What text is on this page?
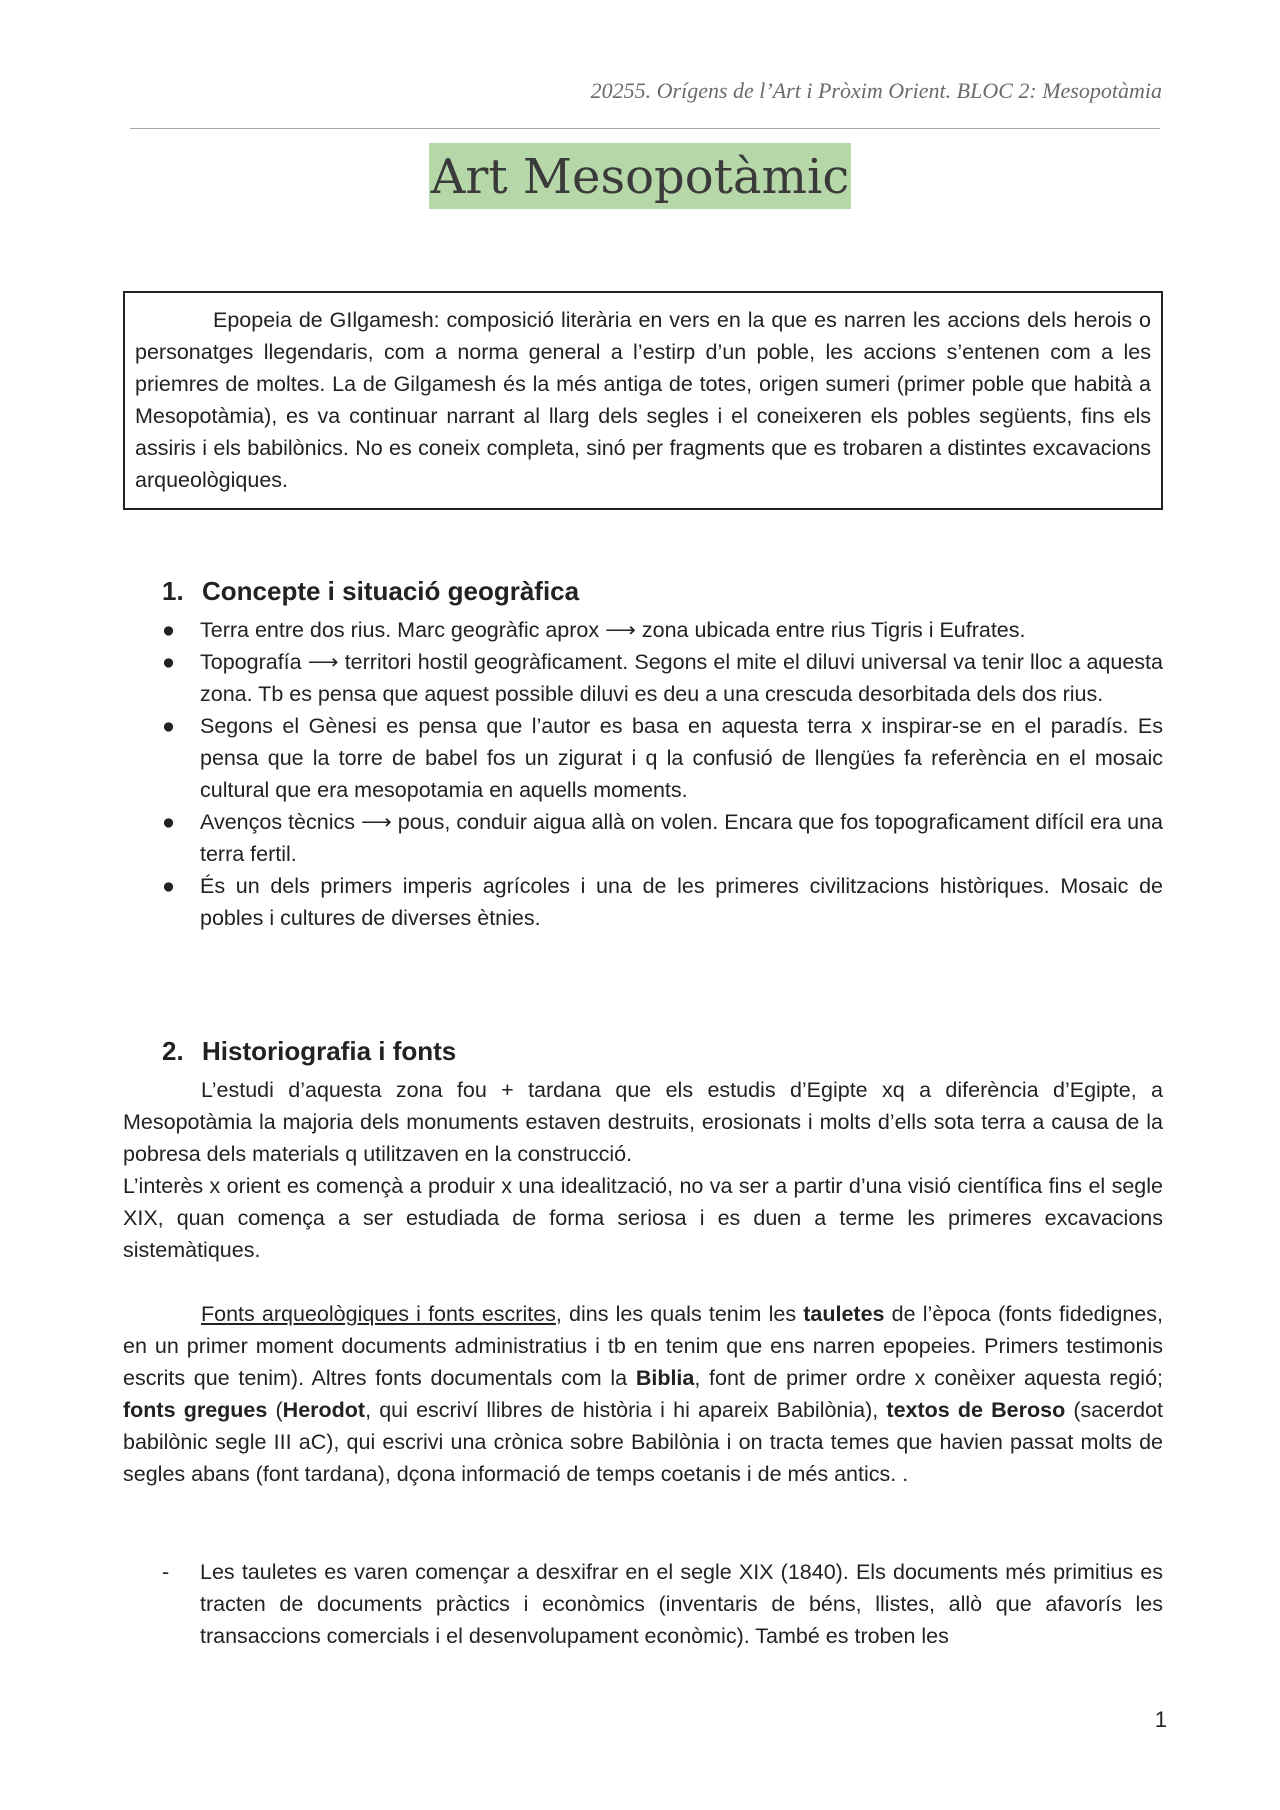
20255. Orígens de l’Art i Pròxim Orient. BLOC 2: Mesopotàmia
Art Mesopotàmic

Epopeia de GIlgamesh: composició literària en vers en la que es narren les accions dels herois o personatges llegendaris, com a norma general a l’estirp d’un poble, les accions s’entenen com a les priemres de moltes. La de Gilgamesh és la més antiga de totes, origen sumeri (primer poble que habità a Mesopotàmia), es va continuar narrant al llarg dels segles i el coneixeren els pobles següents, fins els assiris i els babilònics. No es coneix completa, sinó per fragments que es trobaren a distintes excavacions arqueològiques.

1. Concepte i situació geogràfica
● Terra entre dos rius. Marc geogràfic aprox ⟶ zona ubicada entre rius Tigris i Eufrates.
● Topografía ⟶ territori hostil geogràficament. Segons el mite el diluvi universal va tenir lloc a aquesta zona. Tb es pensa que aquest possible diluvi es deu a una crescuda desorbitada dels dos rius.
● Segons el Gènesi es pensa que l’autor es basa en aquesta terra x inspirar-se en el paradís. Es pensa que la torre de babel fos un zigurat i q la confusió de llengües fa referència en el mosaic cultural que era mesopotamia en aquells moments.
● Avenços tècnics ⟶ pous, conduir aigua allà on volen. Encara que fos topograficament difícil era una terra fertil.
● És un dels primers imperis agrícoles i una de les primeres civilitzacions històriques. Mosaic de pobles i cultures de diverses ètnies.
2. Historiografia i fonts

L’estudi d’aquesta zona fou + tardana que els estudis d’Egipte xq a diferència d’Egipte, a Mesopotàmia la majoria dels monuments estaven destruits, erosionats i molts d’ells sota terra a causa de la pobresa dels materials q utilitzaven en la construcció.

L’interès x orient es començà a produir x una idealització, no va ser a partir d’una visió científica fins el segle XIX, quan comença a ser estudiada de forma seriosa i es duen a terme les primeres excavacions sistemàtiques.

Fonts arqueològiques i fonts escrites, dins les quals tenim les tauletes de l’època (fonts fidedignes, en un primer moment documents administratius i tb en tenim que ens narren epopeies. Primers testimonis escrits que tenim). Altres fonts documentals com la Biblia, font de primer ordre x conèixer aquesta regió; fonts gregues (Herodot, qui escriví llibres de història i hi apareix Babilònia), textos de Beroso (sacerdot babilònic segle III aC), qui escrivi una crònica sobre Babilònia i on tracta temes que havien passat molts de segles abans (font tardana), dçona informació de temps coetanis i de més antics. .

- Les tauletes es varen començar a desxifrar en el segle XIX (1840). Els documents més primitius es tracten de documents pràctics i econòmics (inventaris de béns, llistes, allò que afavorís les transaccions comercials i el desenvolupament econòmic). També es troben les
1
